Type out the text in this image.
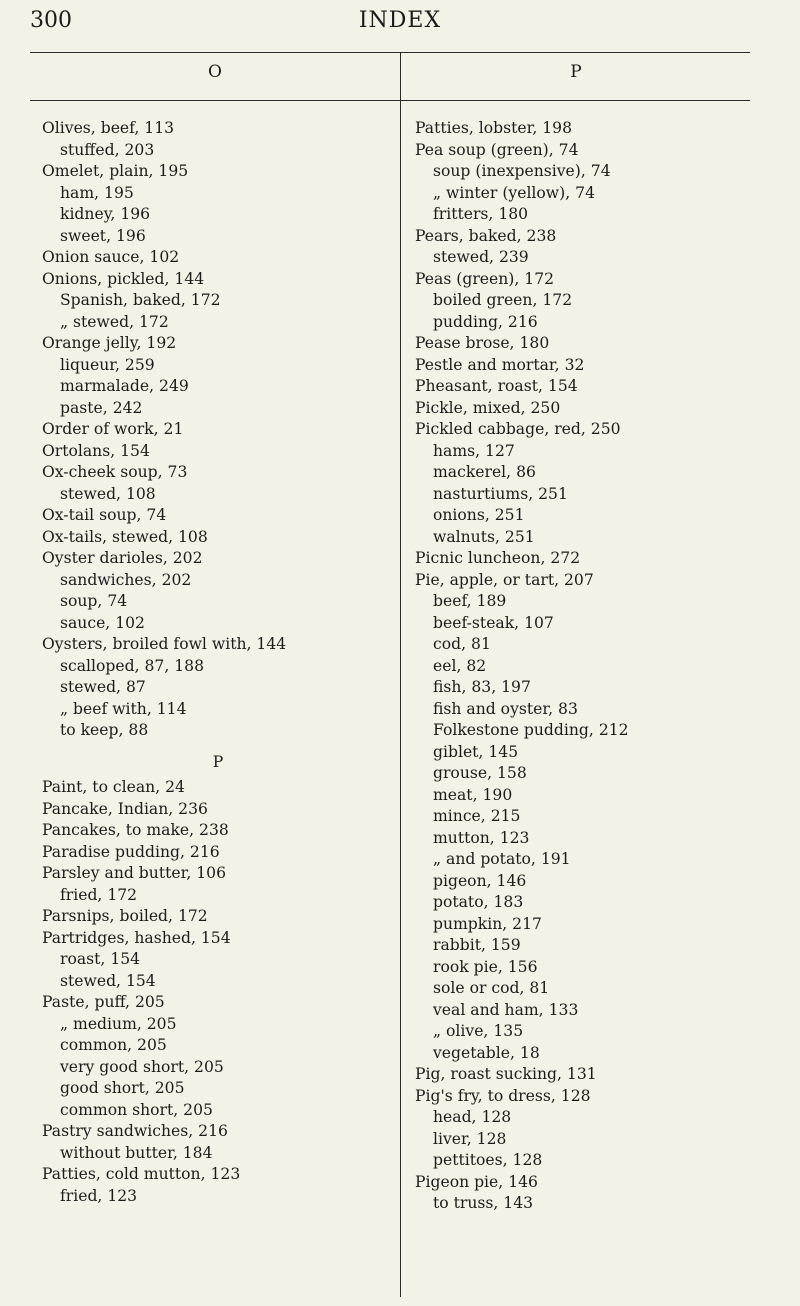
300	INDEX
O	P
Olives, beef, 113
stuffed, 203
Omelet, plain, 195
ham, 195
kidney, 196
sweet, 196
Onion sauce, 102
Onions, pickled, 144
Spanish, baked, 172
„ stewed, 172
Orange jelly, 192
liqueur, 259
marmalade, 249
paste, 242
Order of work, 21
Ortolans, 154
Ox-cheek soup, 73
stewed, 108
Ox-tail soup, 74
Ox-tails, stewed, 108
Oyster darioles, 202
sandwiches, 202
soup, 74
sauce, 102
Oysters, broiled fowl with, 144
scalloped, 87, 188
stewed, 87
„ beef with, 114
to keep, 88
P
Paint, to clean, 24
Pancake, Indian, 236
Pancakes, to make, 238
Paradise pudding, 216
Parsley and butter, 106
fried, 172
Parsnips, boiled, 172
Partridges, hashed, 154
roast, 154
stewed, 154
Paste, puff, 205
„ medium, 205
common, 205
very good short, 205
good short, 205
common short, 205
Pastry sandwiches, 216
without butter, 184
Patties, cold mutton, 123
fried, 123
Patties, lobster, 198
Pea soup (green), 74
soup (inexpensive), 74
„ winter (yellow), 74
fritters, 180
Pears, baked, 238
stewed, 239
Peas (green), 172
boiled green, 172
pudding, 216
Pease brose, 180
Pestle and mortar, 32
Pheasant, roast, 154
Pickle, mixed, 250
Pickled cabbage, red, 250
hams, 127
mackerel, 86
nasturtiums, 251
onions, 251
walnuts, 251
Picnic luncheon, 272
Pie, apple, or tart, 207
beef, 189
beef-steak, 107
cod, 81
eel, 82
fish, 83, 197
fish and oyster, 83
Folkestone pudding, 212
giblet, 145
grouse, 158
meat, 190
mince, 215
mutton, 123
„ and potato, 191
pigeon, 146
potato, 183
pumpkin, 217
rabbit, 159
rook pie, 156
sole or cod, 81
veal and ham, 133
„ olive, 135
vegetable, 18
Pig, roast sucking, 131
Pig's fry, to dress, 128
head, 128
liver, 128
pettitoes, 128
Pigeon pie, 146
to truss, 143
